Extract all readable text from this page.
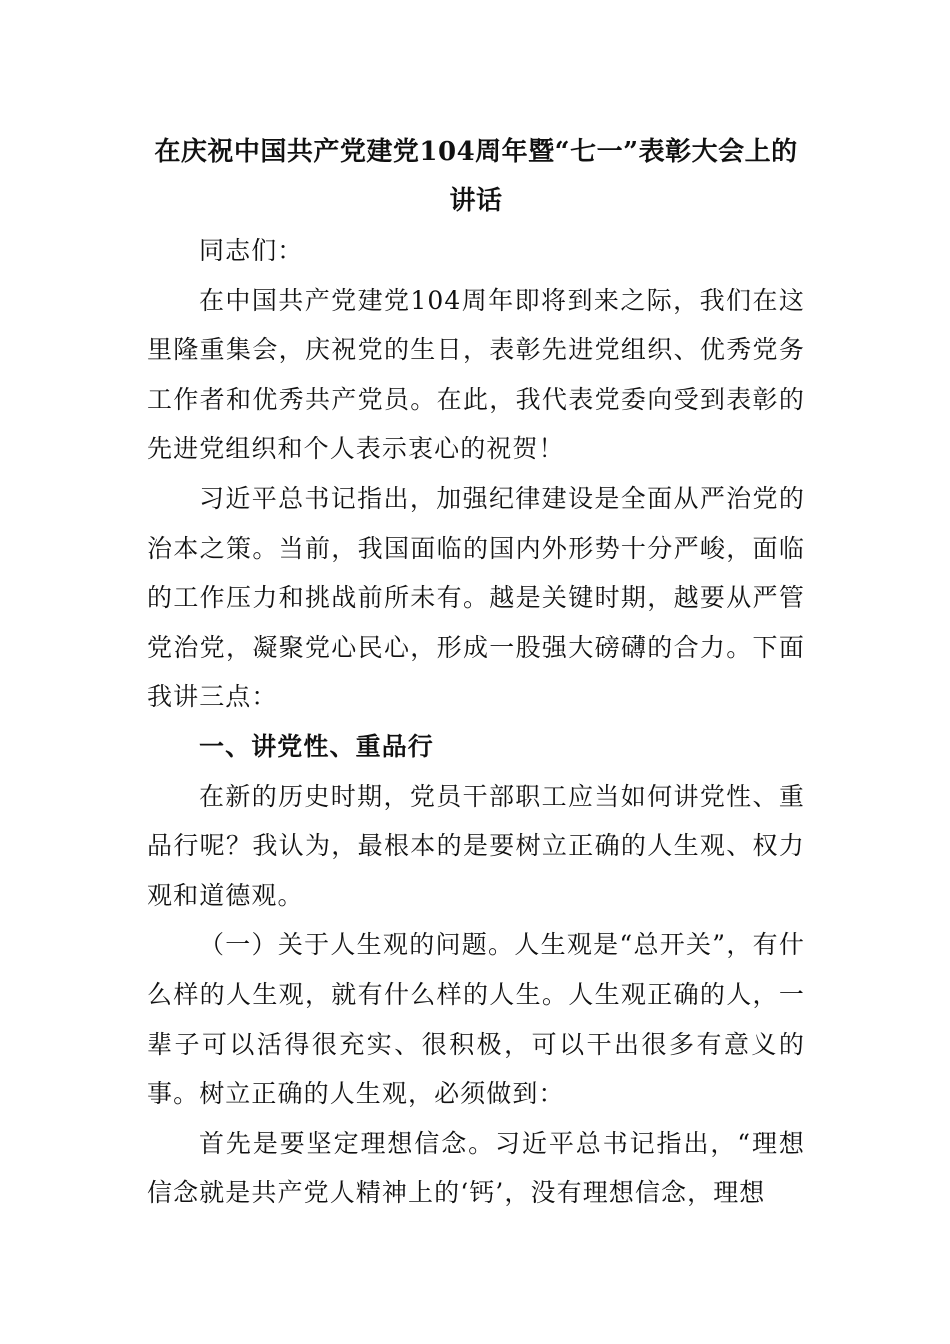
在庆祝中国共产党建党104周年暨“七一”表彰大会上的讲话

同志们：

在中国共产党建党104周年即将到来之际，我们在这里隆重集会，庆祝党的生日，表彰先进党组织、优秀党务工作者和优秀共产党员。在此，我代表党委向受到表彰的先进党组织和个人表示衷心的祝贺！

习近平总书记指出，加强纪律建设是全面从严治党的治本之策。当前，我国面临的国内外形势十分严峻，面临的工作压力和挑战前所未有。越是关键时期，越要从严管党治党，凝聚党心民心，形成一股强大磅礴的合力。下面我讲三点：

一、讲党性、重品行

在新的历史时期，党员干部职工应当如何讲党性、重品行呢？我认为，最根本的是要树立正确的人生观、权力观和道德观。

（一）关于人生观的问题。人生观是“总开关”，有什么样的人生观，就有什么样的人生。人生观正确的人，一辈子可以活得很充实、很积极，可以干出很多有意义的事。树立正确的人生观，必须做到：

首先是要坚定理想信念。习近平总书记指出，“理想信念就是共产党人精神上的‘钙’，没有理想信念，理想
